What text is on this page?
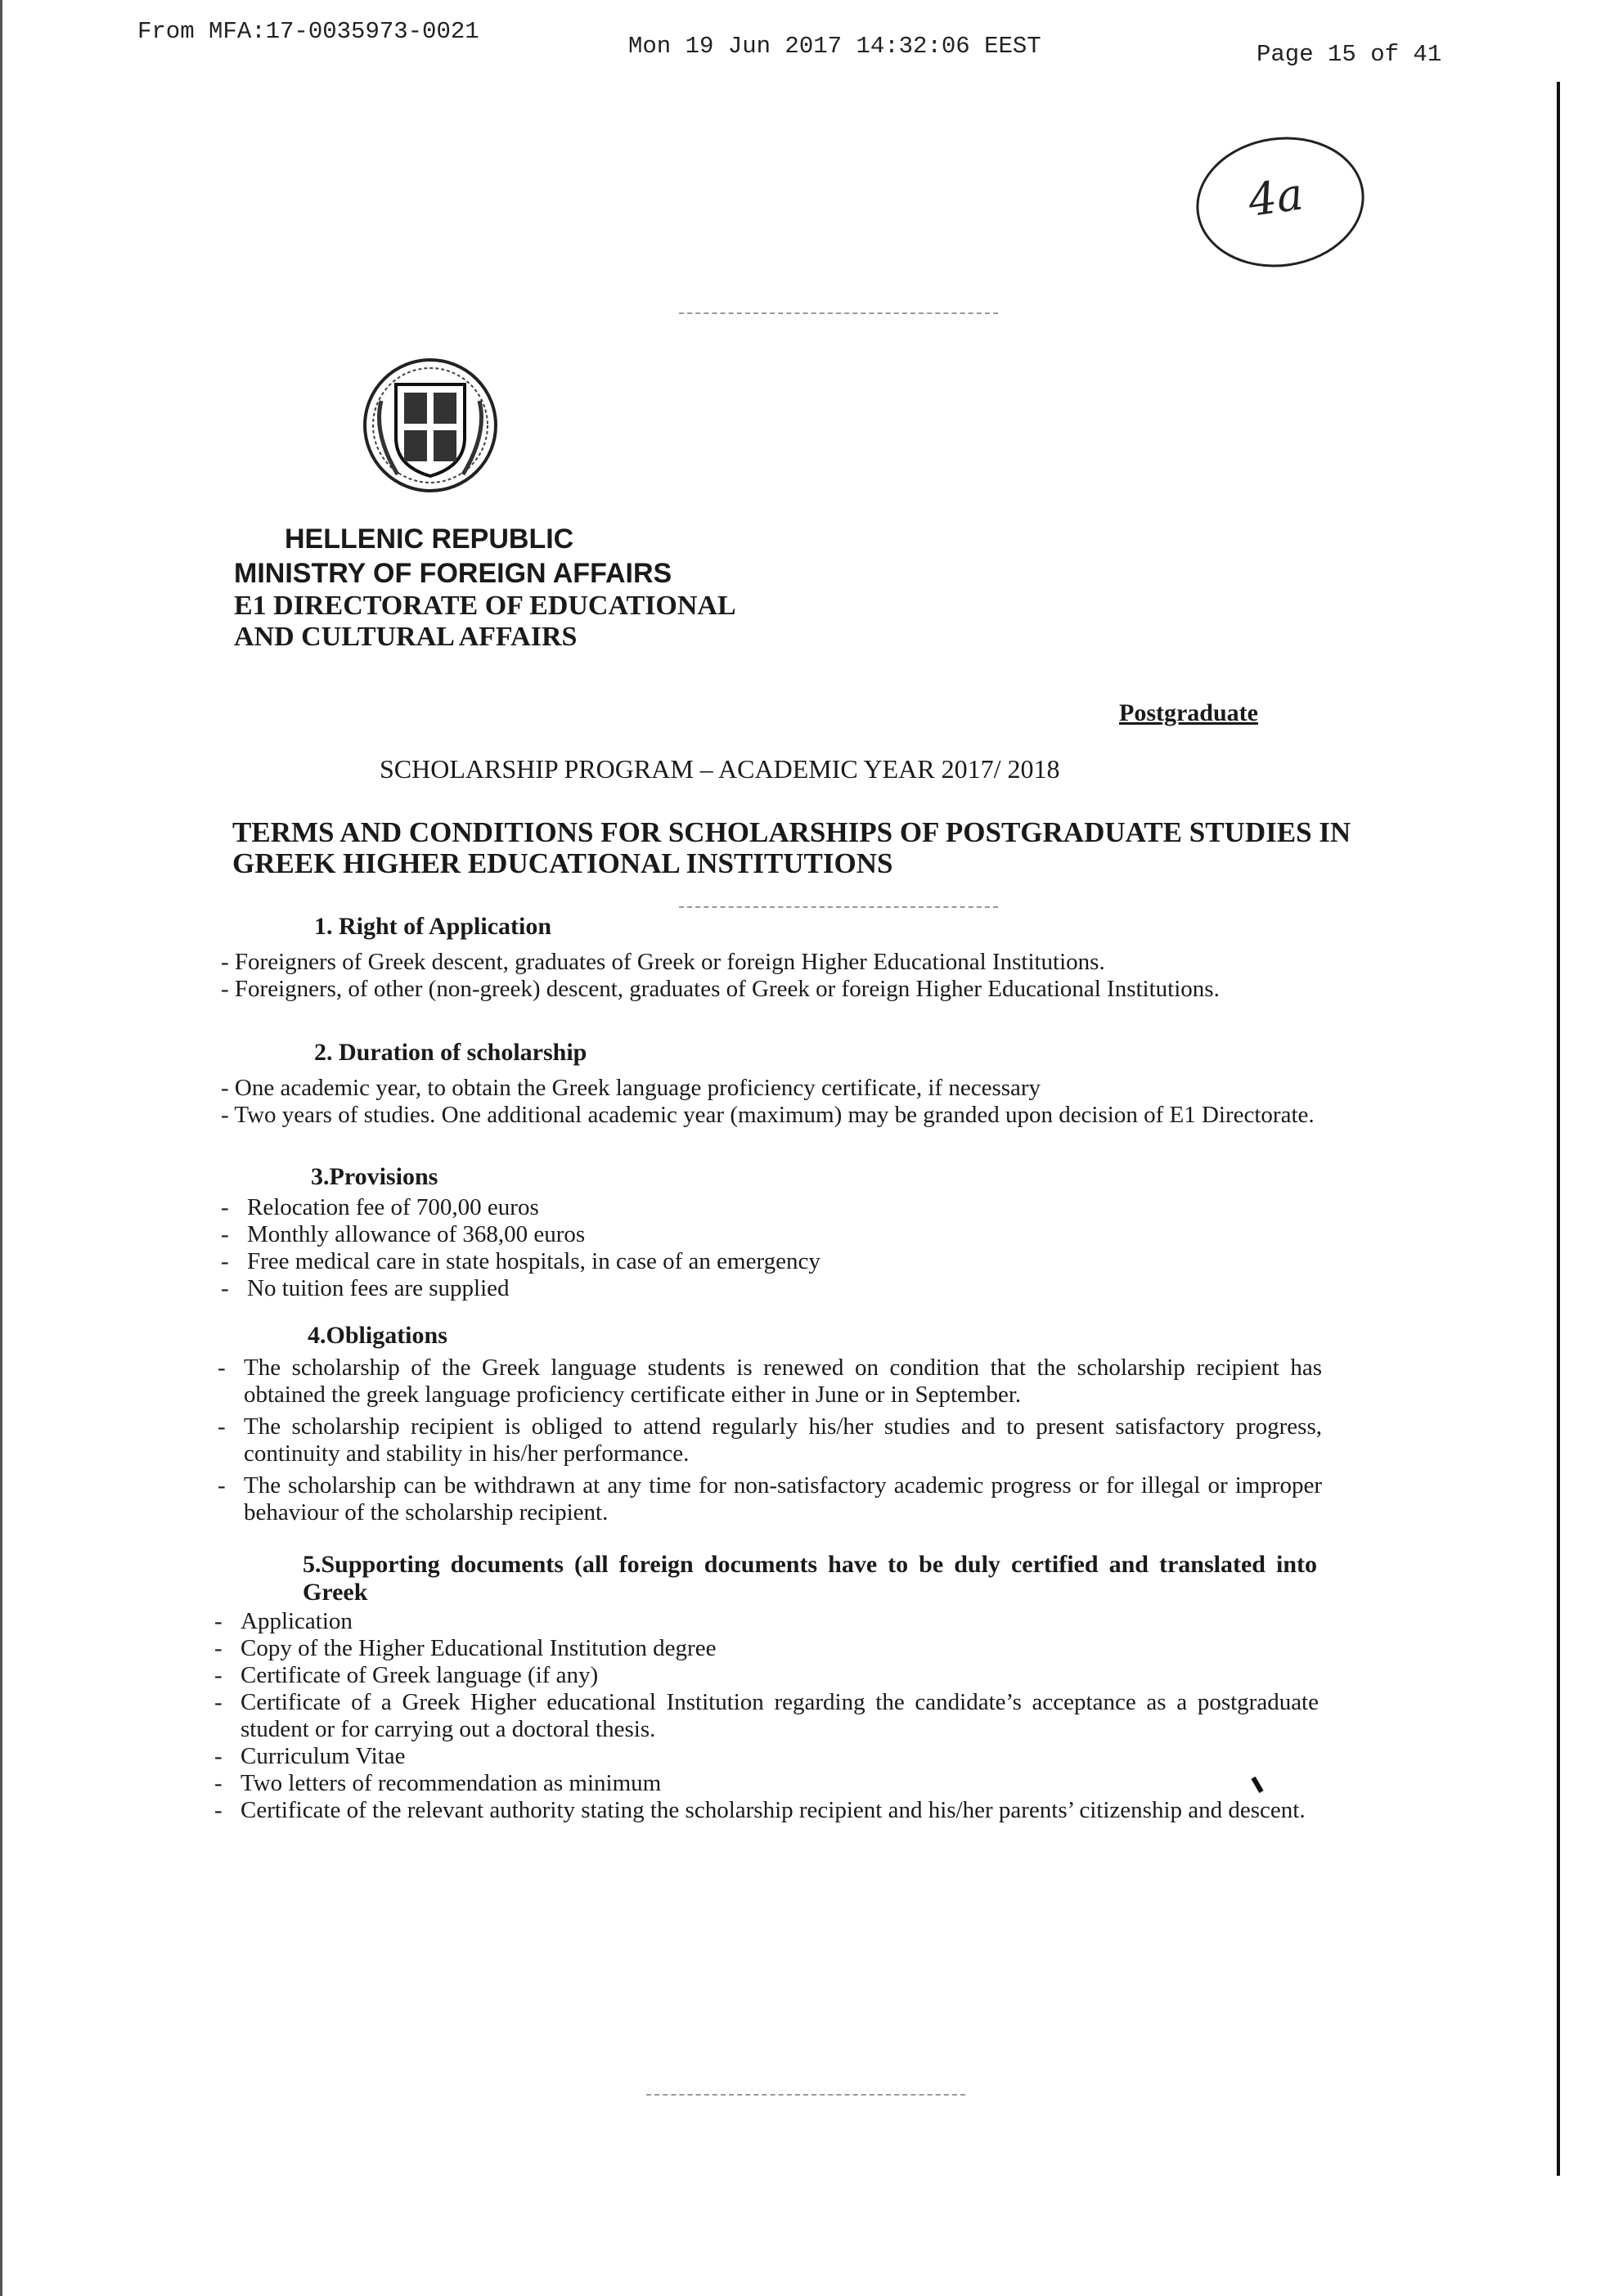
From MFA:17-0035973-0021
Mon 19 Jun 2017 14:32:06 EEST	Page 15 of 41
4a
HELLENIC REPUBLIC
MINISTRY OF FOREIGN AFFAIRS
E1 DIRECTORATE OF EDUCATIONAL
AND CULTURAL AFFAIRS
Postgraduate
SCHOLARSHIP PROGRAM – ACADEMIC YEAR 2017/ 2018
TERMS AND CONDITIONS FOR SCHOLARSHIPS OF POSTGRADUATE STUDIES IN
GREEK HIGHER EDUCATIONAL INSTITUTIONS
1. Right of Application
- Foreigners of Greek descent, graduates of Greek or foreign Higher Educational Institutions.
- Foreigners, of other (non-greek) descent, graduates of Greek or foreign Higher Educational Institutions.
2. Duration of scholarship
- One academic year, to obtain the Greek language proficiency certificate, if necessary
- Two years of studies. One additional academic year (maximum) may be granded upon decision of E1 Directorate.
3.Provisions
- Relocation fee of 700,00 euros
- Monthly allowance of 368,00 euros
- Free medical care in state hospitals, in case of an emergency
- No tuition fees are supplied
4.Obligations
- The scholarship of the Greek language students is renewed on condition that the scholarship recipient has obtained the greek language proficiency certificate either in June or in September.
- The scholarship recipient is obliged to attend regularly his/her studies and to present satisfactory progress, continuity and stability in his/her performance.
- The scholarship can be withdrawn at any time for non-satisfactory academic progress or for illegal or improper behaviour of the scholarship recipient.
5.Supporting documents (all foreign documents have to be duly certified and translated into Greek
- Application
- Copy of the Higher Educational Institution degree
- Certificate of Greek language (if any)
- Certificate of a Greek Higher educational Institution regarding the candidate’s acceptance as a postgraduate student or for carrying out a doctoral thesis.
- Curriculum Vitae
- Two letters of recommendation as minimum
- Certificate of the relevant authority stating the scholarship recipient and his/her parents’ citizenship and descent.
